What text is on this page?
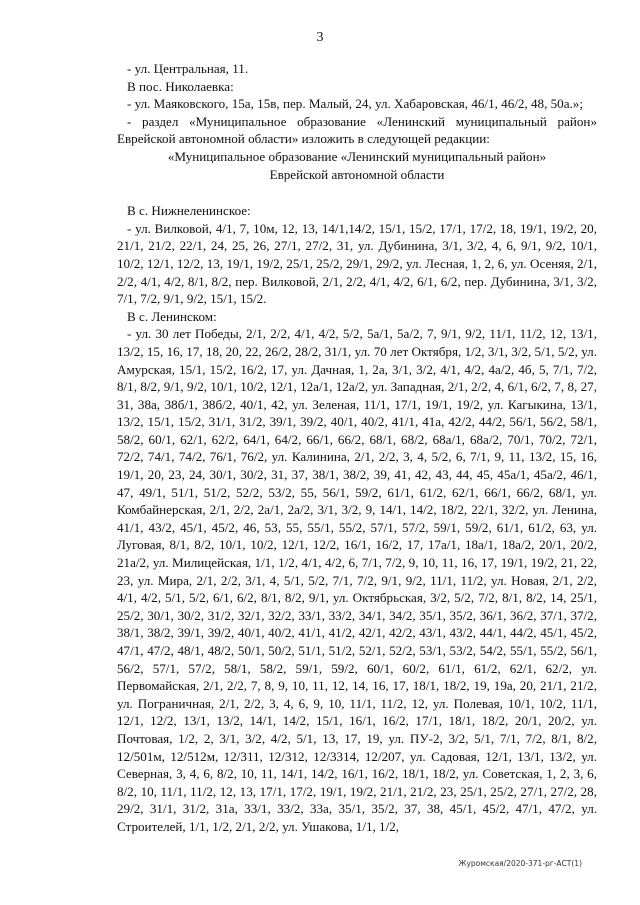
3

- ул. Центральная, 11.

В пос. Николаевка:

- ул. Маяковского, 15а, 15в, пер. Малый, 24, ул. Хабаровская, 46/1, 46/2, 48, 50а.»;

- раздел «Муниципальное образование «Ленинский муниципальный район» Еврейской автономной области» изложить в следующей редакции:

«Муниципальное образование «Ленинский муниципальный район»

Еврейской автономной области

В с. Нижнеленинское:

- ул. Вилковой, 4/1, 7, 10м, 12, 13, 14/1,14/2, 15/1, 15/2, 17/1, 17/2, 18, 19/1, 19/2, 20, 21/1, 21/2, 22/1, 24, 25, 26, 27/1, 27/2, 31, ул. Дубинина, 3/1, 3/2, 4, 6, 9/1, 9/2, 10/1, 10/2, 12/1, 12/2, 13, 19/1, 19/2, 25/1, 25/2, 29/1, 29/2, ул. Лесная, 1, 2, 6, ул. Осеняя, 2/1, 2/2, 4/1, 4/2, 8/1, 8/2, пер. Вилковой, 2/1, 2/2, 4/1, 4/2, 6/1, 6/2, пер. Дубинина, 3/1, 3/2, 7/1, 7/2, 9/1, 9/2, 15/1, 15/2.

В с. Ленинском:

- ул. 30 лет Победы, 2/1, 2/2, 4/1, 4/2, 5/2, 5а/1, 5а/2, 7, 9/1, 9/2, 11/1, 11/2, 12, 13/1, 13/2, 15, 16, 17, 18, 20, 22, 26/2, 28/2, 31/1, ул. 70 лет Октября, 1/2, 3/1, 3/2, 5/1, 5/2, ул. Амурская, 15/1, 15/2, 16/2, 17, ул. Дачная, 1, 2а, 3/1, 3/2, 4/1, 4/2, 4а/2, 4б, 5, 7/1, 7/2, 8/1, 8/2, 9/1, 9/2, 10/1, 10/2, 12/1, 12а/1, 12а/2, ул. Западная, 2/1, 2/2, 4, 6/1, 6/2, 7, 8, 27, 31, 38а, 38б/1, 38б/2, 40/1, 42, ул. Зеленая, 11/1, 17/1, 19/1, 19/2, ул. Кагыкина, 13/1, 13/2, 15/1, 15/2, 31/1, 31/2, 39/1, 39/2, 40/1, 40/2, 41/1, 41а, 42/2, 44/2, 56/1, 56/2, 58/1, 58/2, 60/1, 62/1, 62/2, 64/1, 64/2, 66/1, 66/2, 68/1, 68/2, 68а/1, 68а/2, 70/1, 70/2, 72/1, 72/2, 74/1, 74/2, 76/1, 76/2, ул. Калинина, 2/1, 2/2, 3, 4, 5/2, 6, 7/1, 9, 11, 13/2, 15, 16, 19/1, 20, 23, 24, 30/1, 30/2, 31, 37, 38/1, 38/2, 39, 41, 42, 43, 44, 45, 45а/1, 45а/2, 46/1, 47, 49/1, 51/1, 51/2, 52/2, 53/2, 55, 56/1, 59/2, 61/1, 61/2, 62/1, 66/1, 66/2, 68/1, ул. Комбайнерская, 2/1, 2/2, 2а/1, 2а/2, 3/1, 3/2, 9, 14/1, 14/2, 18/2, 22/1, 32/2, ул. Ленина, 41/1, 43/2, 45/1, 45/2, 46, 53, 55, 55/1, 55/2, 57/1, 57/2, 59/1, 59/2, 61/1, 61/2, 63, ул. Луговая, 8/1, 8/2, 10/1, 10/2, 12/1, 12/2, 16/1, 16/2, 17, 17а/1, 18а/1, 18а/2, 20/1, 20/2, 21а/2, ул. Милицейская, 1/1, 1/2, 4/1, 4/2, 6, 7/1, 7/2, 9, 10, 11, 16, 17, 19/1, 19/2, 21, 22, 23, ул. Мира, 2/1, 2/2, 3/1, 4, 5/1, 5/2, 7/1, 7/2, 9/1, 9/2, 11/1, 11/2, ул. Новая, 2/1, 2/2, 4/1, 4/2, 5/1, 5/2, 6/1, 6/2, 8/1, 8/2, 9/1, ул. Октябрьская, 3/2, 5/2, 7/2, 8/1, 8/2, 14, 25/1, 25/2, 30/1, 30/2, 31/2, 32/1, 32/2, 33/1, 33/2, 34/1, 34/2, 35/1, 35/2, 36/1, 36/2, 37/1, 37/2, 38/1, 38/2, 39/1, 39/2, 40/1, 40/2, 41/1, 41/2, 42/1, 42/2, 43/1, 43/2, 44/1, 44/2, 45/1, 45/2, 47/1, 47/2, 48/1, 48/2, 50/1, 50/2, 51/1, 51/2, 52/1, 52/2, 53/1, 53/2, 54/2, 55/1, 55/2, 56/1, 56/2, 57/1, 57/2, 58/1, 58/2, 59/1, 59/2, 60/1, 60/2, 61/1, 61/2, 62/1, 62/2, ул. Первомайская, 2/1, 2/2, 7, 8, 9, 10, 11, 12, 14, 16, 17, 18/1, 18/2, 19, 19а, 20, 21/1, 21/2, ул. Пограничная, 2/1, 2/2, 3, 4, 6, 9, 10, 11/1, 11/2, 12, ул. Полевая, 10/1, 10/2, 11/1, 12/1, 12/2, 13/1, 13/2, 14/1, 14/2, 15/1, 16/1, 16/2, 17/1, 18/1, 18/2, 20/1, 20/2, ул. Почтовая, 1/2, 2, 3/1, 3/2, 4/2, 5/1, 13, 17, 19, ул. ПУ-2, 3/2, 5/1, 7/1, 7/2, 8/1, 8/2, 12/501м, 12/512м, 12/311, 12/312, 12/3314, 12/207, ул. Садовая, 12/1, 13/1, 13/2, ул. Северная, 3, 4, 6, 8/2, 10, 11, 14/1, 14/2, 16/1, 16/2, 18/1, 18/2, ул. Советская, 1, 2, 3, 6, 8/2, 10, 11/1, 11/2, 12, 13, 17/1, 17/2, 19/1, 19/2, 21/1, 21/2, 23, 25/1, 25/2, 27/1, 27/2, 28, 29/2, 31/1, 31/2, 31а, 33/1, 33/2, 33а, 35/1, 35/2, 37, 38, 45/1, 45/2, 47/1, 47/2, ул. Строителей, 1/1, 1/2, 2/1, 2/2, ул. Ушакова, 1/1, 1/2,

Журомская/2020-371-рг-АСТ(1)
